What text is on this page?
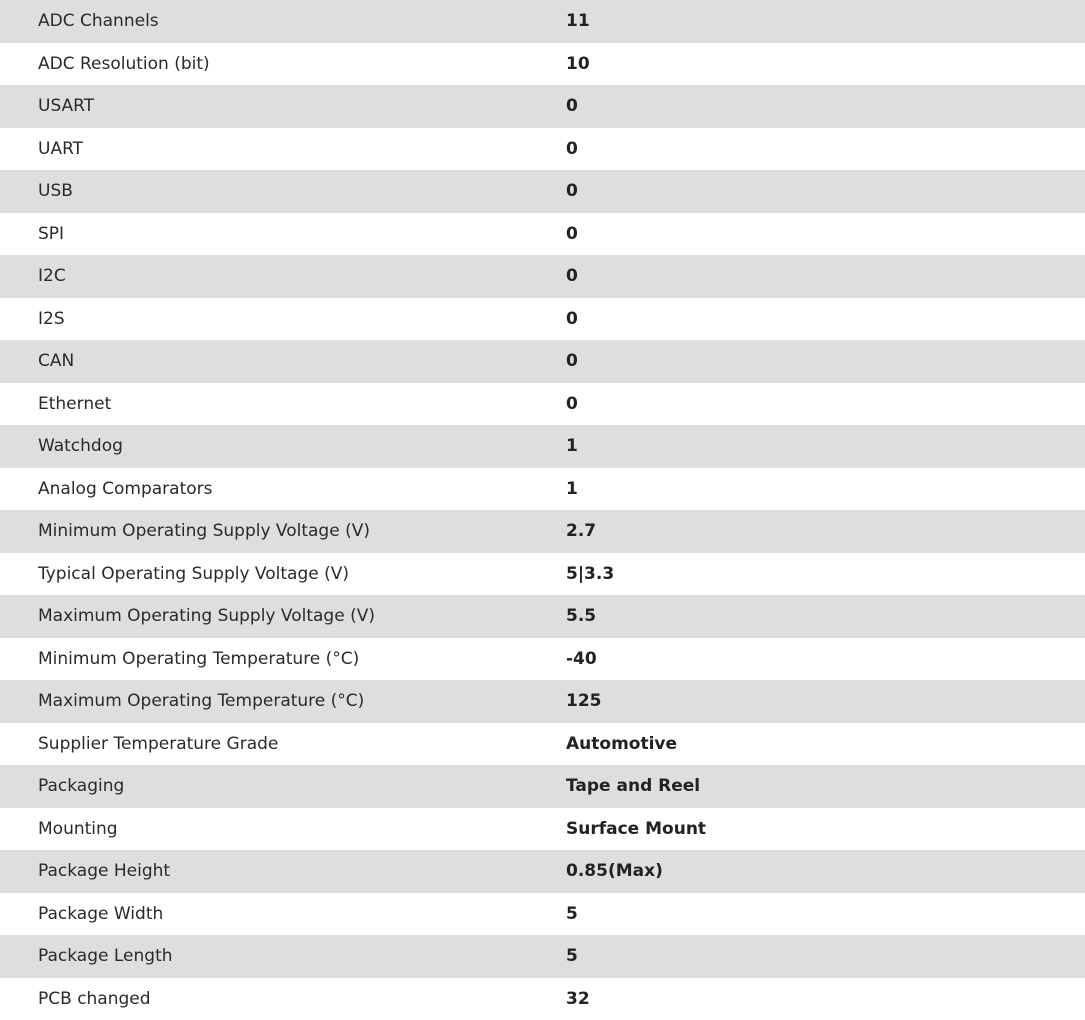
ADC Channels	11
ADC Resolution (bit)	10
USART	0
UART	0
USB	0
SPI	0
I2C	0
I2S	0
CAN	0
Ethernet	0
Watchdog	1
Analog Comparators	1
Minimum Operating Supply Voltage (V)	2.7
Typical Operating Supply Voltage (V)	5|3.3
Maximum Operating Supply Voltage (V)	5.5
Minimum Operating Temperature (°C)	-40
Maximum Operating Temperature (°C)	125
Supplier Temperature Grade	Automotive
Packaging	Tape and Reel
Mounting	Surface Mount
Package Height	0.85(Max)
Package Width	5
Package Length	5
PCB changed	32
